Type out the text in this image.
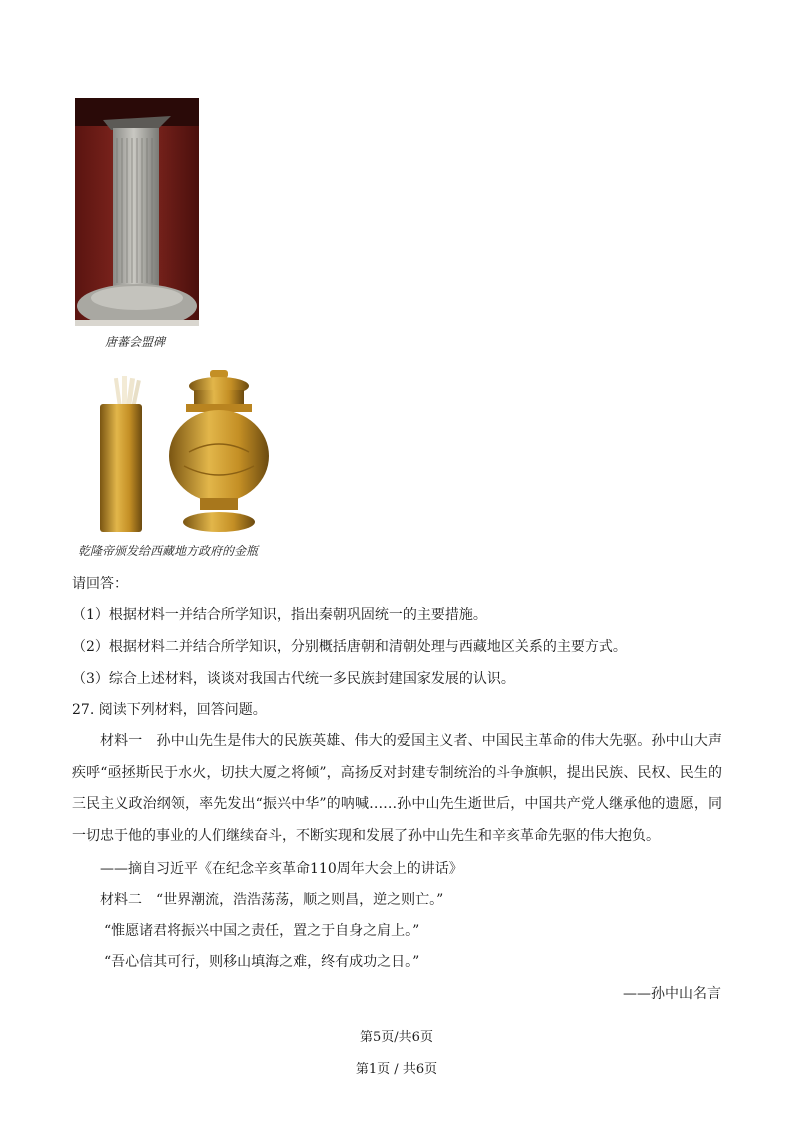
唐蕃会盟碑
乾隆帝颁发给西藏地方政府的金瓶
请回答：
（1）根据材料一并结合所学知识，指出秦朝巩固统一的主要措施。
（2）根据材料二并结合所学知识，分别概括唐朝和清朝处理与西藏地区关系的主要方式。
（3）综合上述材料，谈谈对我国古代统一多民族封建国家发展的认识。
27. 阅读下列材料，回答问题。

材料一　孙中山先生是伟大的民族英雄、伟大的爱国主义者、中国民主革命的伟大先驱。孙中山大声疾呼“亟拯斯民于水火，切扶大厦之将倾”，高扬反对封建专制统治的斗争旗帜，提出民族、民权、民生的三民主义政治纲领，率先发出“振兴中华”的呐喊……孙中山先生逝世后，中国共产党人继承他的遗愿，同一切忠于他的事业的人们继续奋斗，不断实现和发展了孙中山先生和辛亥革命先驱的伟大抱负。

——摘自习近平《在纪念辛亥革命110周年大会上的讲话》
材料二　“世界潮流，浩浩荡荡，顺之则昌，逆之则亡。”
“惟愿诸君将振兴中国之责任，置之于自身之肩上。”
“吾心信其可行，则移山填海之难，终有成功之日。”
——孙中山名言
第5页/共6页
第1页 / 共6页
